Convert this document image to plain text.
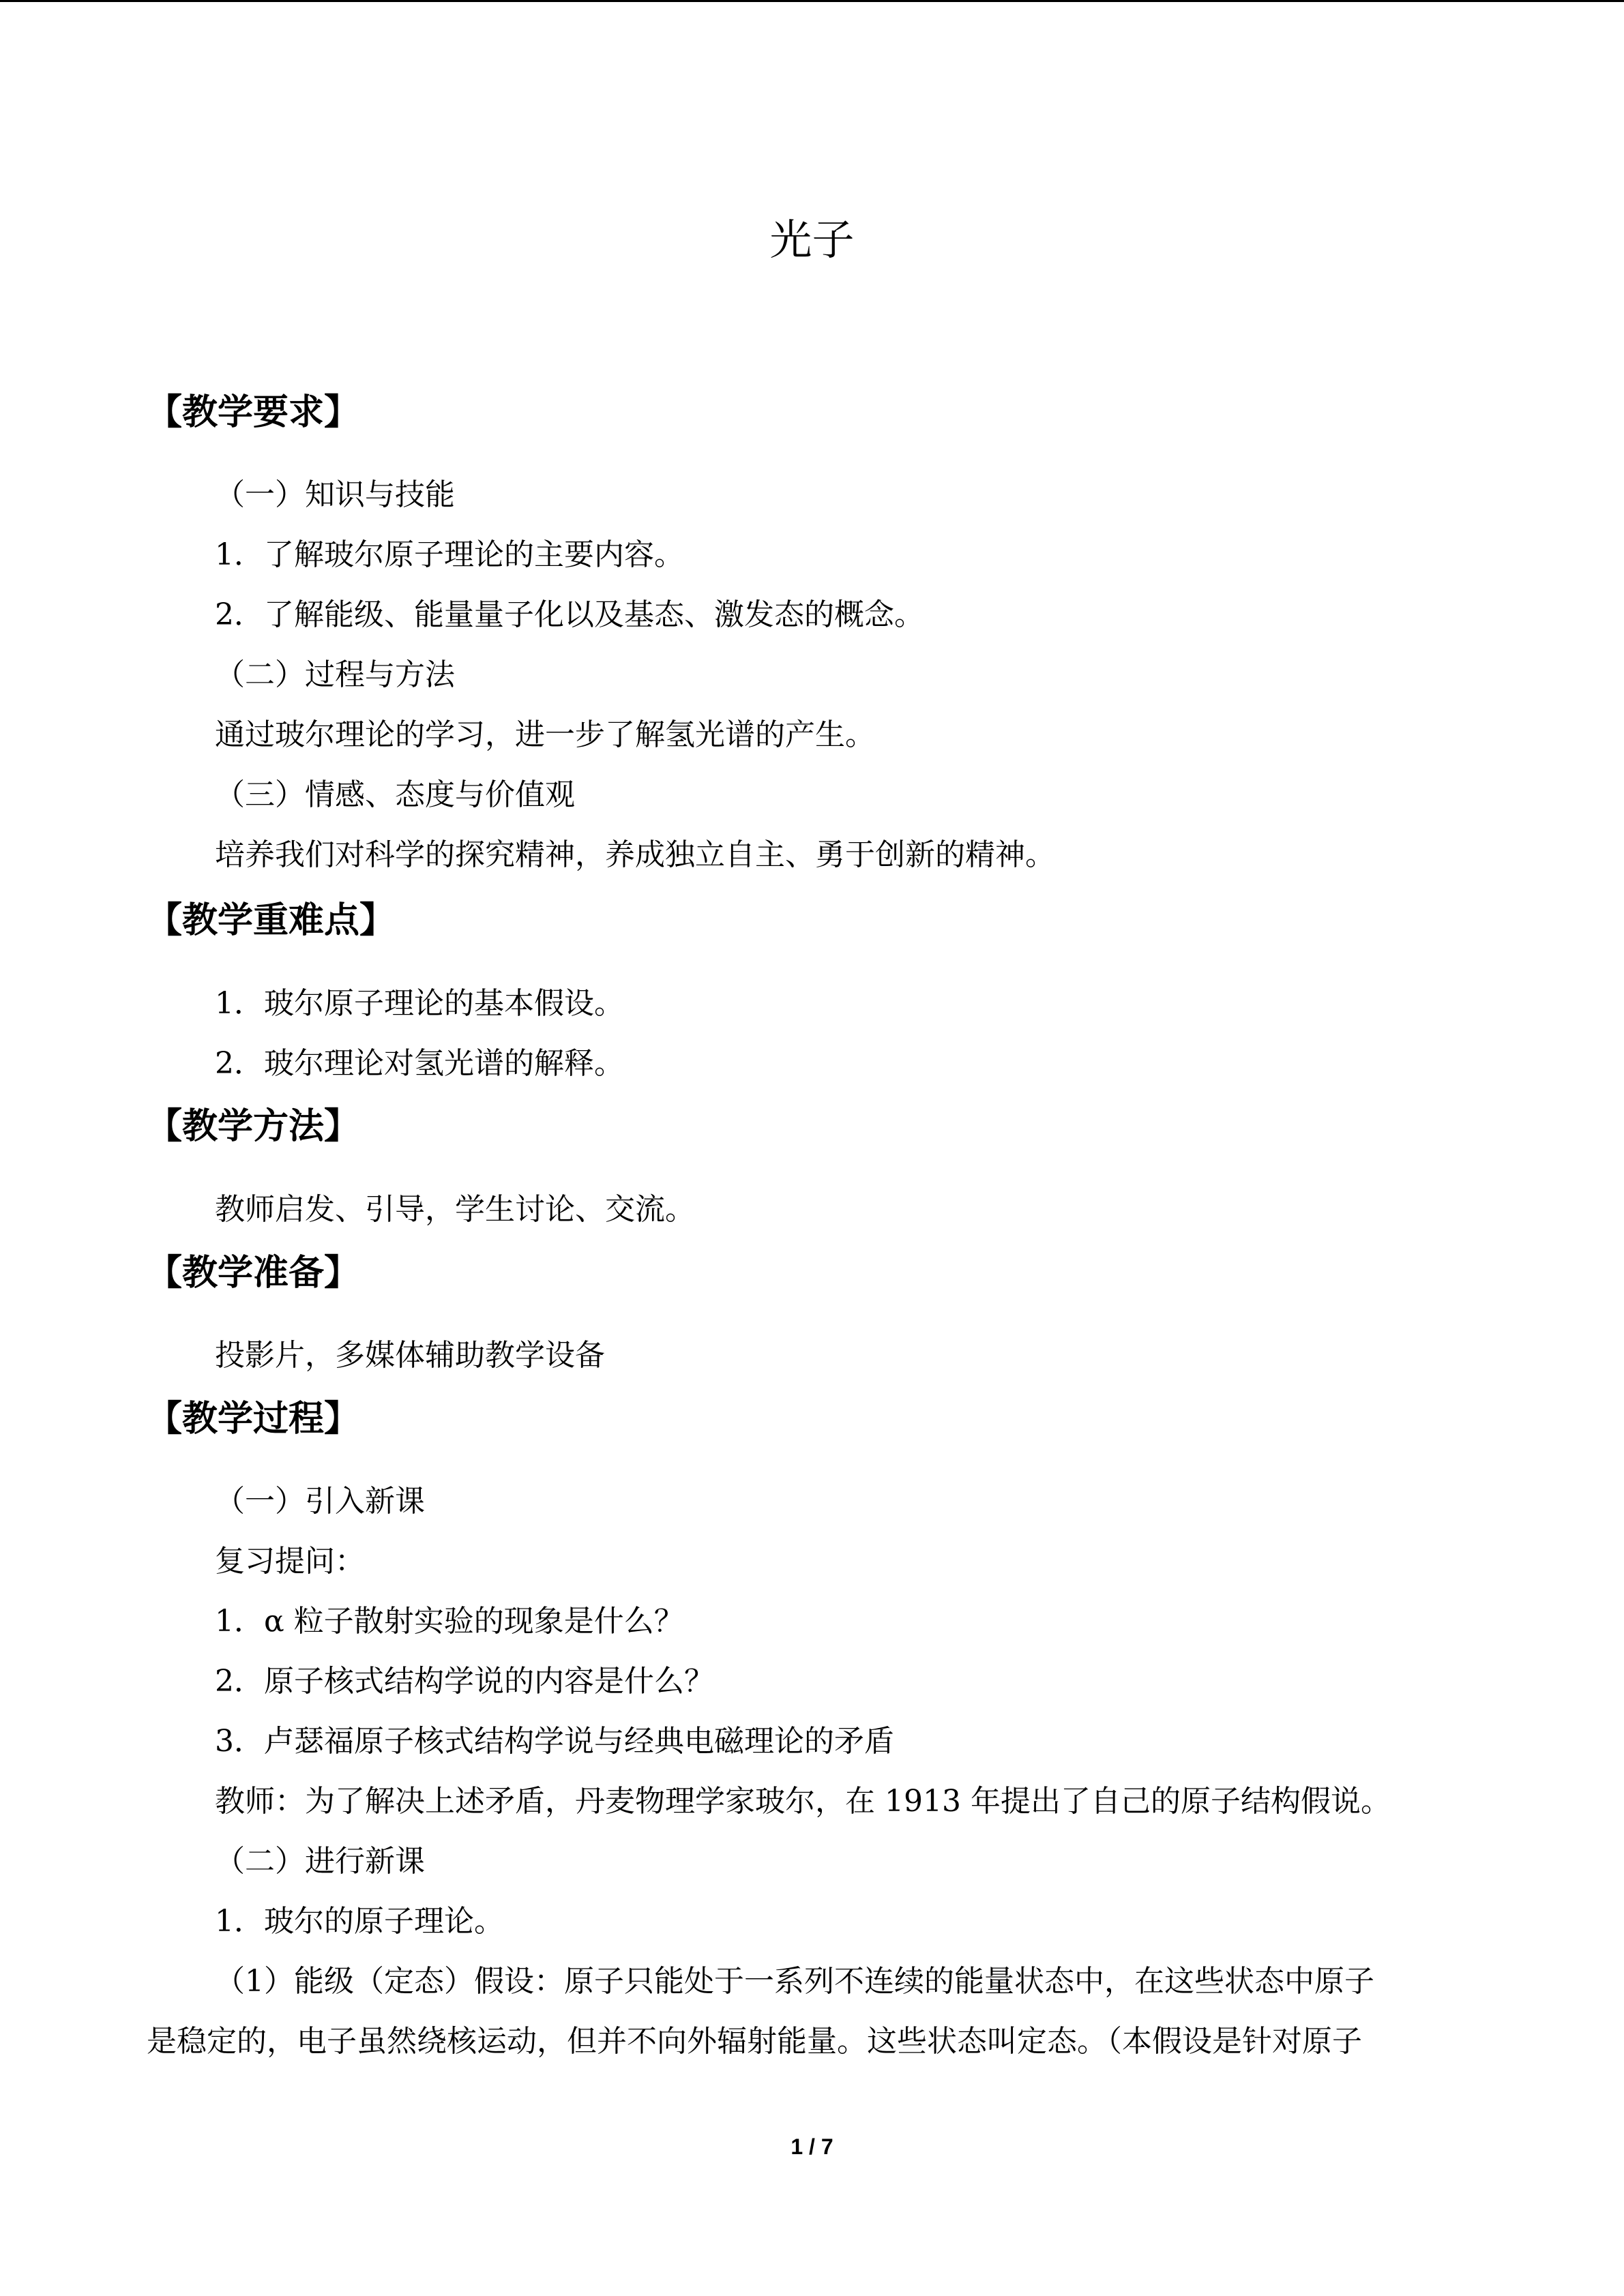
光子
【教学要求】
（一）知识与技能
1．了解玻尔原子理论的主要内容。
2．了解能级、能量量子化以及基态、激发态的概念。
（二）过程与方法
通过玻尔理论的学习，进一步了解氢光谱的产生。
（三）情感、态度与价值观
培养我们对科学的探究精神，养成独立自主、勇于创新的精神。
【教学重难点】
1．玻尔原子理论的基本假设。
2．玻尔理论对氢光谱的解释。
【教学方法】
教师启发、引导，学生讨论、交流。
【教学准备】
投影片，多媒体辅助教学设备
【教学过程】
（一）引入新课
复习提问：
1．α 粒子散射实验的现象是什么？
2．原子核式结构学说的内容是什么？
3．卢瑟福原子核式结构学说与经典电磁理论的矛盾
教师：为了解决上述矛盾，丹麦物理学家玻尔，在 1913 年提出了自己的原子结构假说。
（二）进行新课
1．玻尔的原子理论。
（1）能级（定态）假设：原子只能处于一系列不连续的能量状态中，在这些状态中原子
是稳定的，电子虽然绕核运动，但并不向外辐射能量。这些状态叫定态。（本假设是针对原子
1 / 7
